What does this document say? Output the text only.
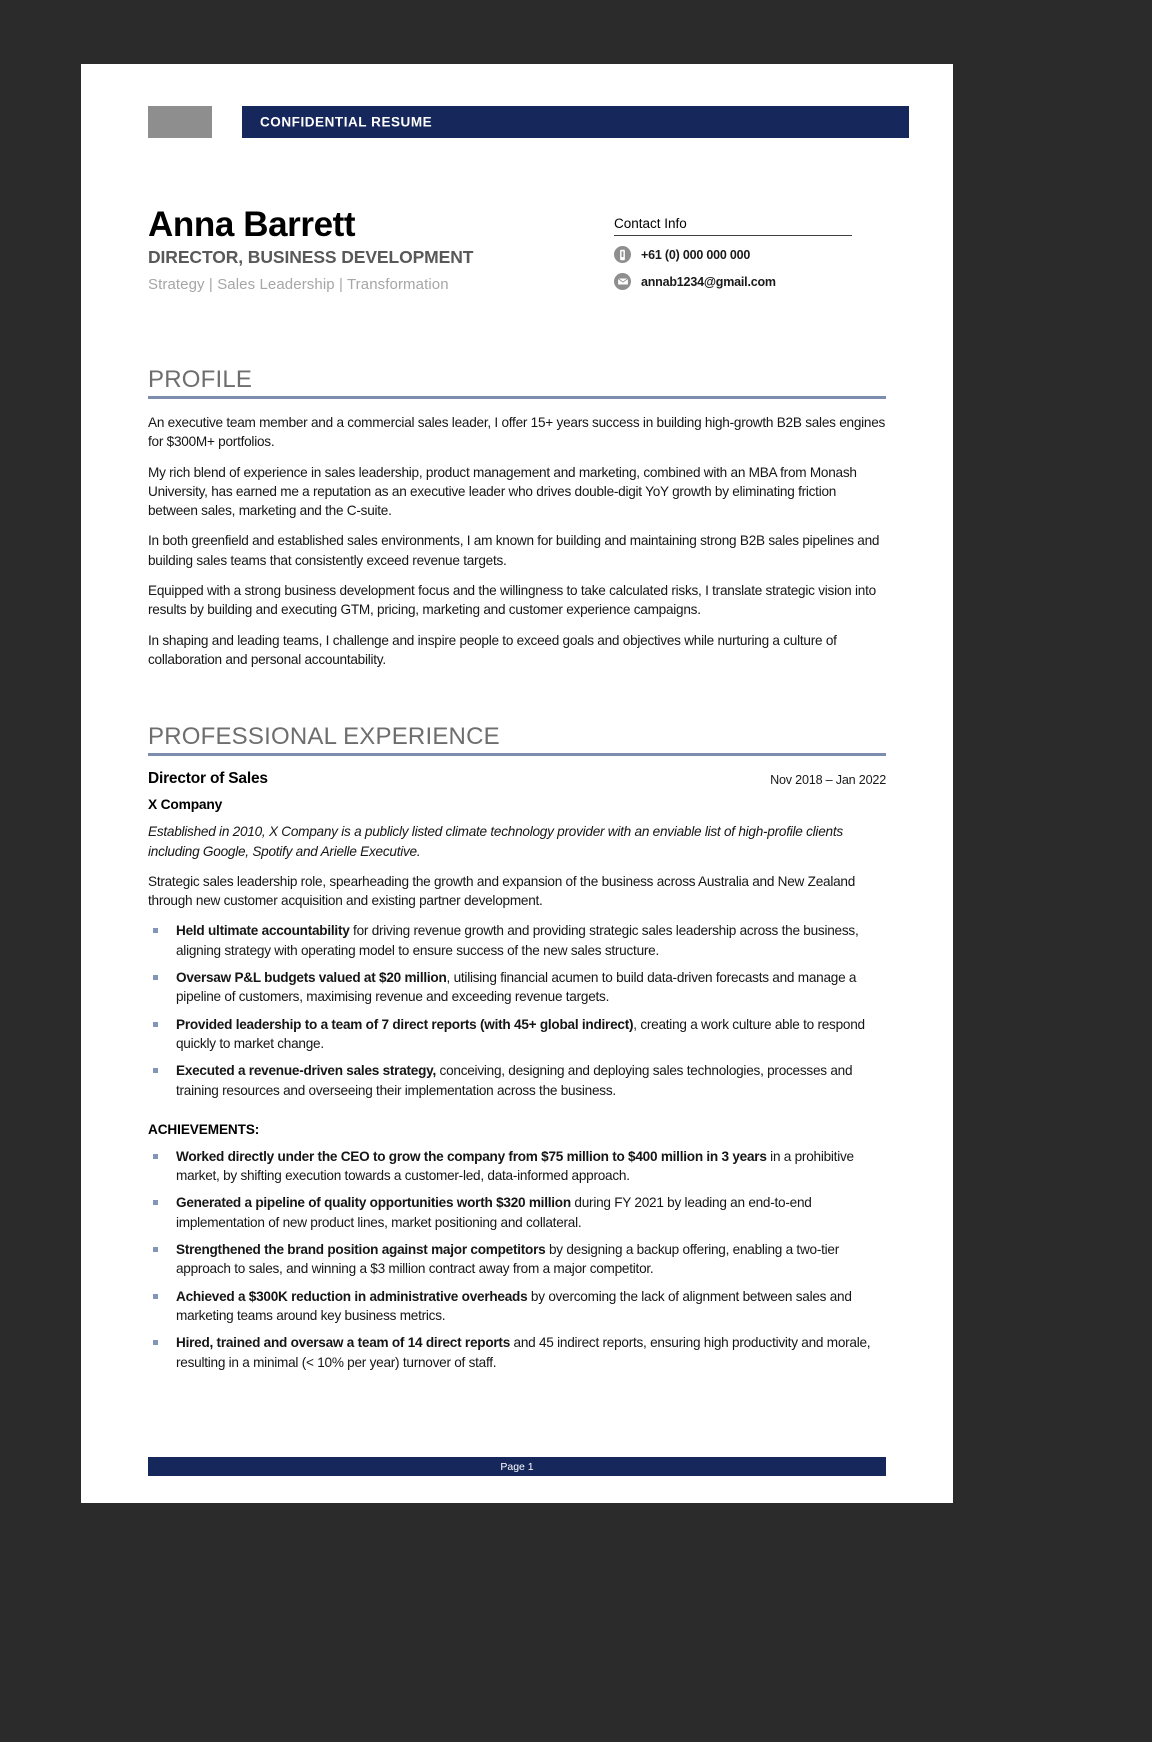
CONFIDENTIAL RESUME
Anna Barrett
DIRECTOR, BUSINESS DEVELOPMENT
Strategy | Sales Leadership | Transformation
Contact Info
+61 (0) 000 000 000
annab1234@gmail.com
PROFILE

An executive team member and a commercial sales leader, I offer 15+ years success in building high-growth B2B sales engines for $300M+ portfolios.

My rich blend of experience in sales leadership, product management and marketing, combined with an MBA from Monash University, has earned me a reputation as an executive leader who drives double-digit YoY growth by eliminating friction between sales, marketing and the C-suite.

In both greenfield and established sales environments, I am known for building and maintaining strong B2B sales pipelines and building sales teams that consistently exceed revenue targets.

Equipped with a strong business development focus and the willingness to take calculated risks, I translate strategic vision into results by building and executing GTM, pricing, marketing and customer experience campaigns.

In shaping and leading teams, I challenge and inspire people to exceed goals and objectives while nurturing a culture of collaboration and personal accountability.

PROFESSIONAL EXPERIENCE
Director of Sales	Nov 2018 – Jan 2022
X Company

Established in 2010, X Company is a publicly listed climate technology provider with an enviable list of high-profile clients including Google, Spotify and Arielle Executive.

Strategic sales leadership role, spearheading the growth and expansion of the business across Australia and New Zealand through new customer acquisition and existing partner development.

Held ultimate accountability for driving revenue growth and providing strategic sales leadership across the business, aligning strategy with operating model to ensure success of the new sales structure.
Oversaw P&L budgets valued at $20 million, utilising financial acumen to build data-driven forecasts and manage a pipeline of customers, maximising revenue and exceeding revenue targets.
Provided leadership to a team of 7 direct reports (with 45+ global indirect), creating a work culture able to respond quickly to market change.
Executed a revenue-driven sales strategy, conceiving, designing and deploying sales technologies, processes and training resources and overseeing their implementation across the business.
ACHIEVEMENTS:
Worked directly under the CEO to grow the company from $75 million to $400 million in 3 years in a prohibitive market, by shifting execution towards a customer-led, data-informed approach.
Generated a pipeline of quality opportunities worth $320 million during FY 2021 by leading an end-to-end implementation of new product lines, market positioning and collateral.
Strengthened the brand position against major competitors by designing a backup offering, enabling a two-tier approach to sales, and winning a $3 million contract away from a major competitor.
Achieved a $300K reduction in administrative overheads by overcoming the lack of alignment between sales and marketing teams around key business metrics.
Hired, trained and oversaw a team of 14 direct reports and 45 indirect reports, ensuring high productivity and morale, resulting in a minimal (< 10% per year) turnover of staff.
Page 1
